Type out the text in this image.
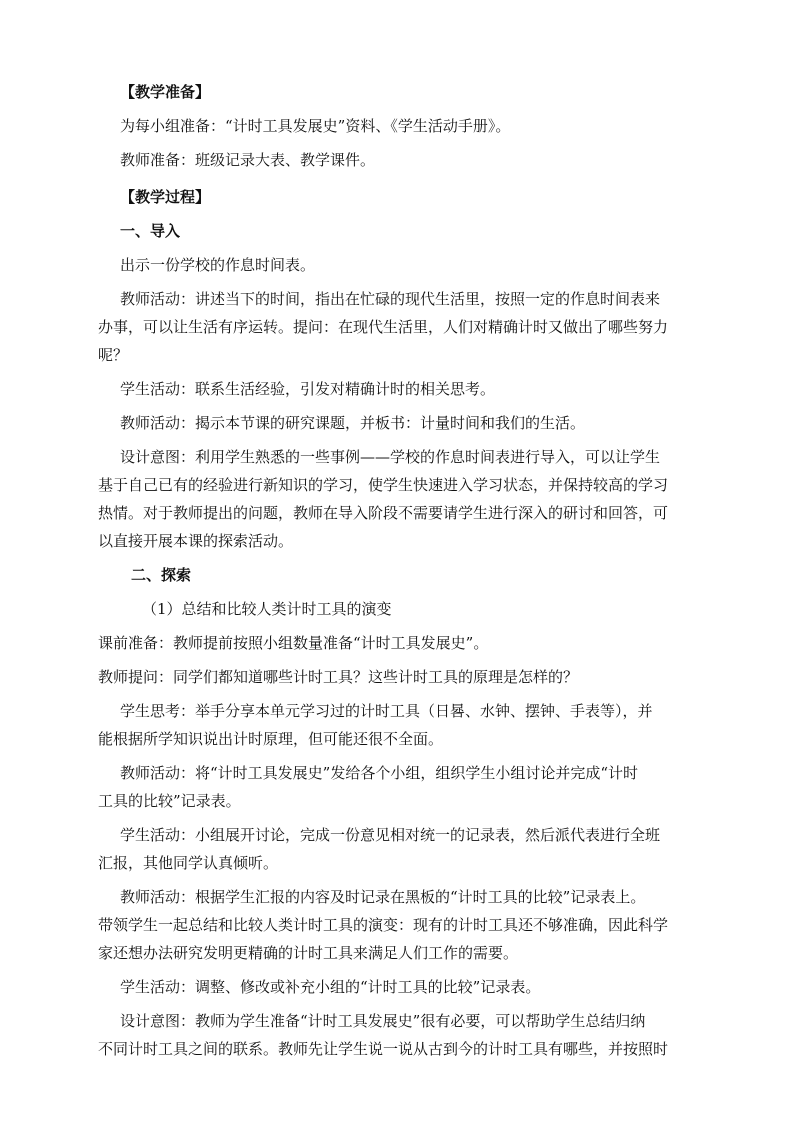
【教学准备】

为每小组准备：“计时工具发展史”资料、《学生活动手册》。

教师准备：班级记录大表、教学课件。

【教学过程】

一、导入

出示一份学校的作息时间表。

教师活动：讲述当下的时间，指出在忙碌的现代生活里，按照一定的作息时间表来

办事，可以让生活有序运转。提问：在现代生活里，人们对精确计时又做出了哪些努力

呢？

学生活动：联系生活经验，引发对精确计时的相关思考。

教师活动：揭示本节课的研究课题，并板书：计量时间和我们的生活。

设计意图：利用学生熟悉的一些事例——学校的作息时间表进行导入，可以让学生

基于自己已有的经验进行新知识的学习，使学生快速进入学习状态，并保持较高的学习

热情。对于教师提出的问题，教师在导入阶段不需要请学生进行深入的研讨和回答，可

以直接开展本课的探索活动。

二、探索

（1）总结和比较人类计时工具的演变

课前准备：教师提前按照小组数量准备“计时工具发展史”。

教师提问：同学们都知道哪些计时工具？这些计时工具的原理是怎样的？

学生思考：举手分享本单元学习过的计时工具（日晷、水钟、摆钟、手表等），并

能根据所学知识说出计时原理，但可能还很不全面。

教师活动：将“计时工具发展史”发给各个小组，组织学生小组讨论并完成“计时

工具的比较”记录表。

学生活动：小组展开讨论，完成一份意见相对统一的记录表，然后派代表进行全班

汇报，其他同学认真倾听。

教师活动：根据学生汇报的内容及时记录在黑板的“计时工具的比较”记录表上。

带领学生一起总结和比较人类计时工具的演变：现有的计时工具还不够准确，因此科学

家还想办法研究发明更精确的计时工具来满足人们工作的需要。

学生活动：调整、修改或补充小组的“计时工具的比较”记录表。

设计意图：教师为学生准备“计时工具发展史”很有必要，可以帮助学生总结归纳

不同计时工具之间的联系。教师先让学生说一说从古到今的计时工具有哪些，并按照时
